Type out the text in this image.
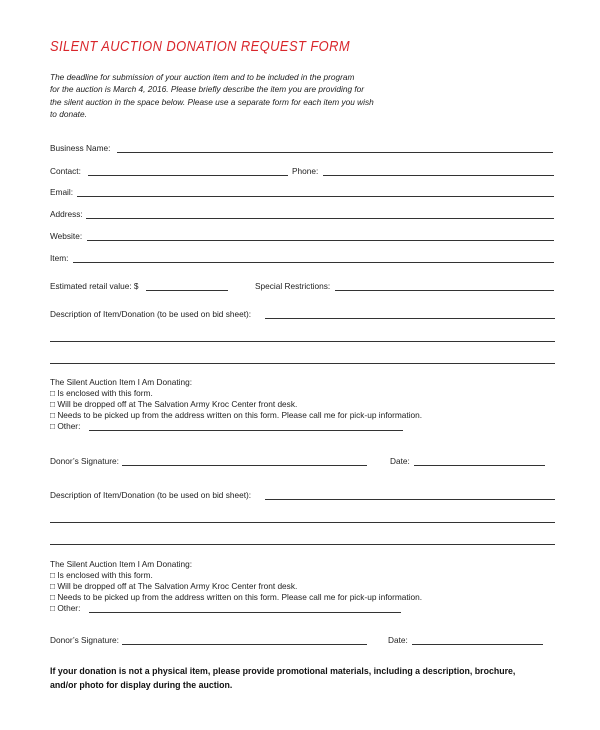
SILENT AUCTION DONATION REQUEST FORM
The deadline for submission of your auction item and to be included in the program
for the auction is March 4, 2016. Please briefly describe the item you are providing for
the silent auction in the space below. Please use a separate form for each item you wish
to donate.
Business Name:
Contact:	Phone:
Email:
Address:
Website:
Item:
Estimated retail value: $	Special Restrictions:
Description of Item/Donation (to be used on bid sheet):
The Silent Auction Item I Am Donating:
□ Is enclosed with this form.
□ Will be dropped off at The Salvation Army Kroc Center front desk.
□ Needs to be picked up from the address written on this form. Please call me for pick-up information.
□ Other:
Donor’s Signature:	Date:
Description of Item/Donation (to be used on bid sheet):
The Silent Auction Item I Am Donating:
□ Is enclosed with this form.
□ Will be dropped off at The Salvation Army Kroc Center front desk.
□ Needs to be picked up from the address written on this form. Please call me for pick-up information.
□ Other:
Donor’s Signature:	Date:
If your donation is not a physical item, please provide promotional materials, including a description, brochure,
and/or photo for display during the auction.
